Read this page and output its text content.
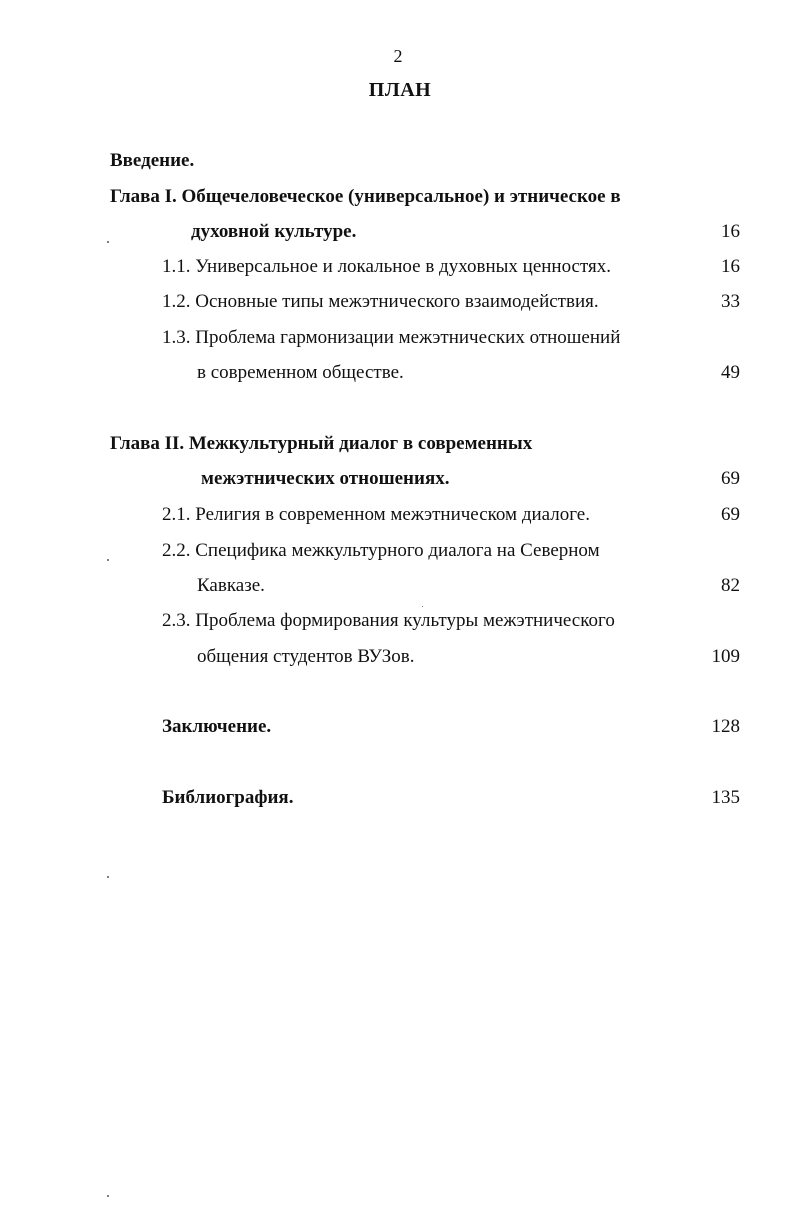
2
ПЛАН
Введение.
Глава I. Общечеловеческое (универсальное) и этническое в
духовной культуре.	16
1.1. Универсальное и локальное в духовных ценностях.	16
1.2. Основные типы межэтнического взаимодействия.	33
1.3. Проблема гармонизации межэтнических отношений
в современном обществе.	49
Глава II. Межкультурный диалог в современных
межэтнических отношениях.	69
2.1. Религия в современном межэтническом диалоге.	69
2.2. Специфика межкультурного диалога на Северном
Кавказе.	82
2.3. Проблема формирования культуры межэтнического
общения студентов ВУЗов.	109
Заключение.	128
Библиография.	135
